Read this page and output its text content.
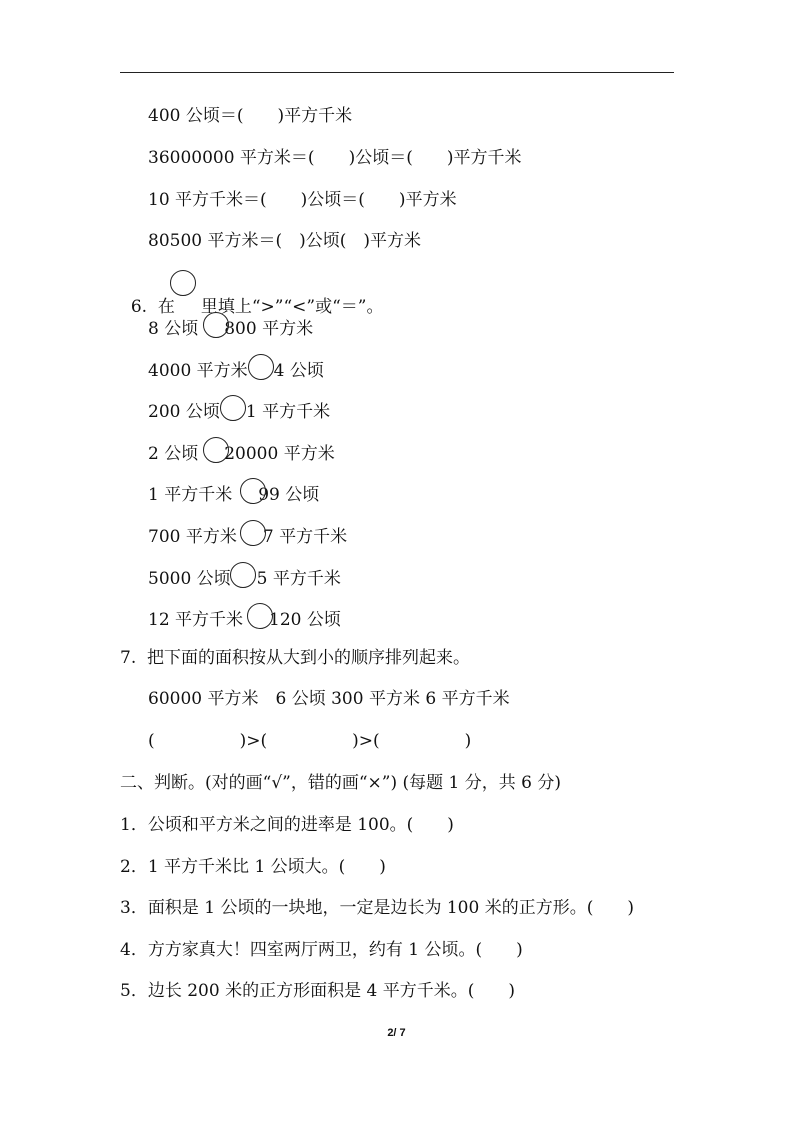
400 公顷＝(　　)平方千米
36000000 平方米＝(　　)公顷＝(　　)平方千米
10 平方千米＝(　　)公顷＝(　　)平方米
80500 平方米＝(　)公顷(　)平方米

6.  在 里填上“>”“<”或“＝”。

8 公顷 800 平方米
4000 平方米 4 公顷
200 公顷 1 平方千米
2 公顷 20000 平方米
1 平方千米 99 公顷
700 平方米 7 平方千米
5000 公顷 5 平方千米
12 平方千米 120 公顷
7.  把下面的面积按从大到小的顺序排列起来。
60000 平方米　6 公顷 300 平方米 6 平方千米
(　　　　　)>(　　　　　)>(　　　　　)
二、判断。(对的画“√”，错的画“×”) (每题 1 分，共 6 分)
1．公顷和平方米之间的进率是 100。(　　)
2．1 平方千米比 1 公顷大。(　　)
3．面积是 1 公顷的一块地，一定是边长为 100 米的正方形。(　　)
4．方方家真大！四室两厅两卫，约有 1 公顷。(　　)
5．边长 200 米的正方形面积是 4 平方千米。(　　)
2/ 7
